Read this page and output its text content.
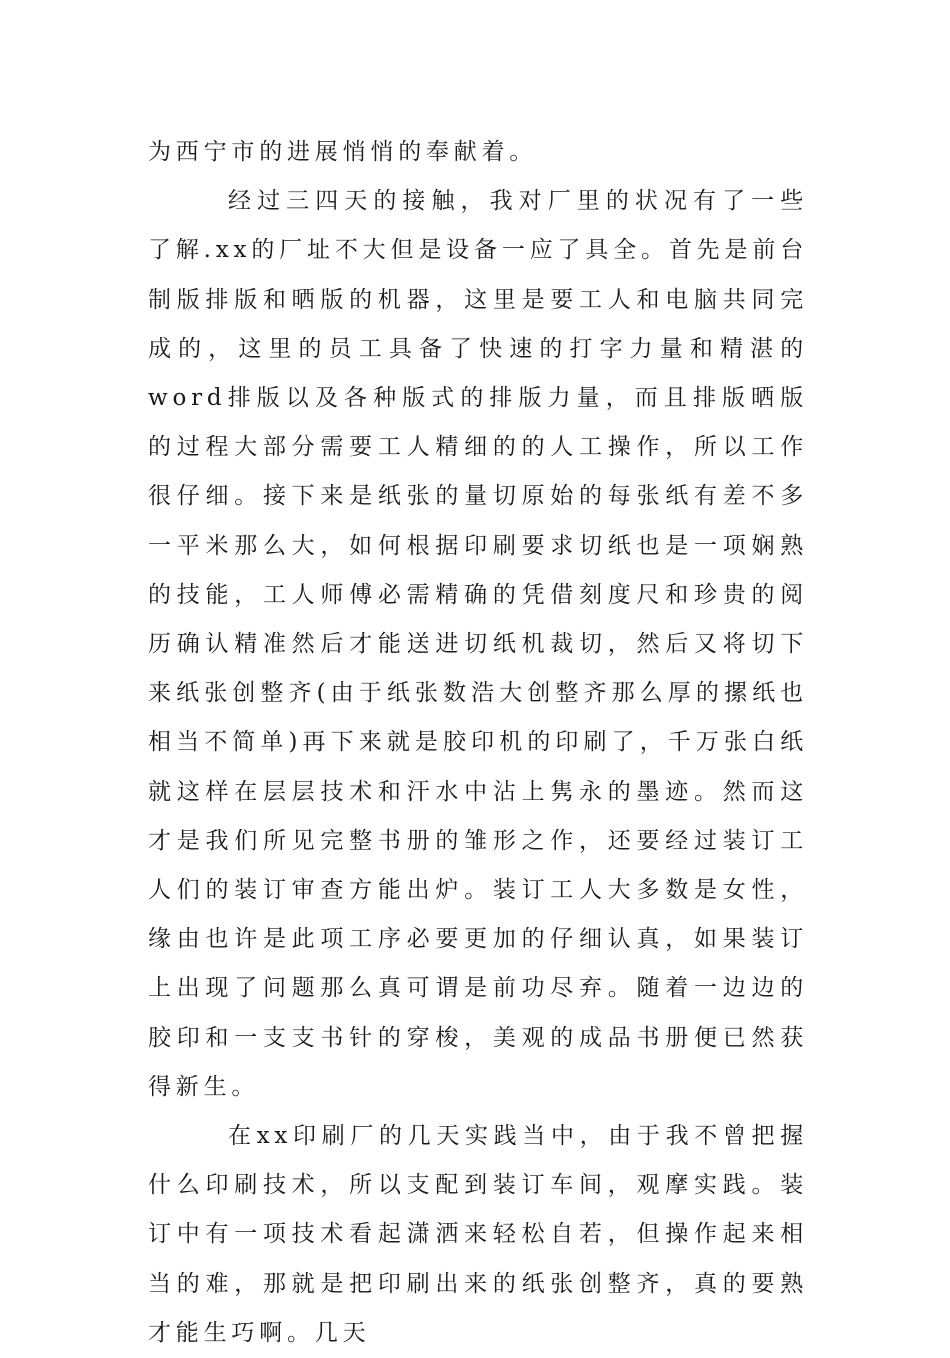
为西宁市的进展悄悄的奉献着。

经过三四天的接触，我对厂里的状况有了一些了解.xx的厂址不大但是设备一应了具全。首先是前台制版排版和晒版的机器，这里是要工人和电脑共同完成的，这里的员工具备了快速的打字力量和精湛的word排版以及各种版式的排版力量，而且排版晒版的过程大部分需要工人精细的的人工操作，所以工作很仔细。接下来是纸张的量切原始的每张纸有差不多一平米那么大，如何根据印刷要求切纸也是一项娴熟的技能，工人师傅必需精确的凭借刻度尺和珍贵的阅历确认精准然后才能送进切纸机裁切，然后又将切下来纸张创整齐(由于纸张数浩大创整齐那么厚的摞纸也相当不简单)再下来就是胶印机的印刷了，千万张白纸就这样在层层技术和汗水中沾上隽永的墨迹。然而这才是我们所见完整书册的雏形之作，还要经过装订工人们的装订审查方能出炉。装订工人大多数是女性，缘由也许是此项工序必要更加的仔细认真，如果装订上出现了问题那么真可谓是前功尽弃。随着一边边的胶印和一支支书针的穿梭，美观的成品书册便已然获得新生。

在xx印刷厂的几天实践当中，由于我不曾把握什么印刷技术，所以支配到装订车间，观摩实践。装订中有一项技术看起潇洒来轻松自若，但操作起来相当的难，那就是把印刷出来的纸张创整齐，真的要熟才能生巧啊。几天
